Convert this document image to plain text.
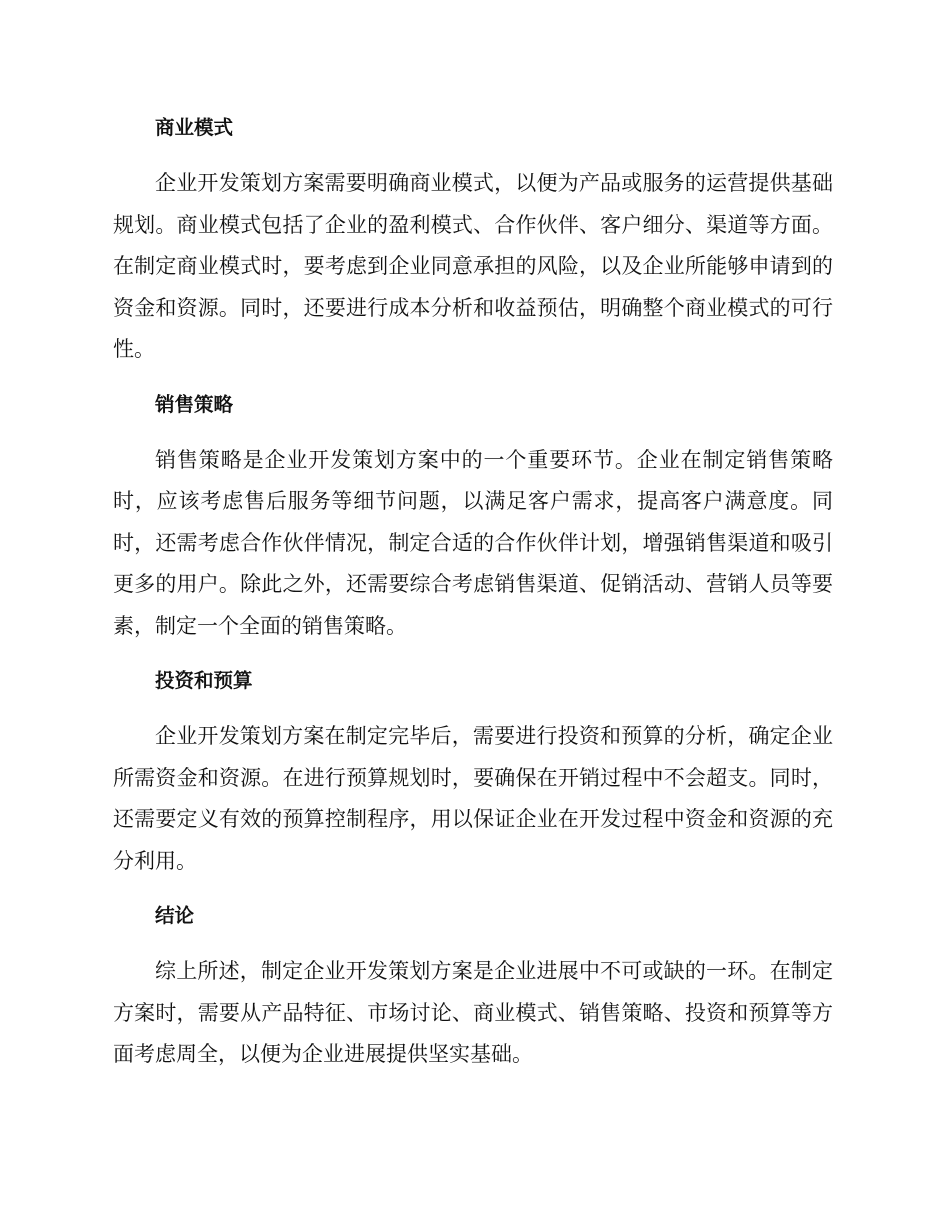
商业模式

企业开发策划方案需要明确商业模式，以便为产品或服务的运营提供基础规划。商业模式包括了企业的盈利模式、合作伙伴、客户细分、渠道等方面。在制定商业模式时，要考虑到企业同意承担的风险，以及企业所能够申请到的资金和资源。同时，还要进行成本分析和收益预估，明确整个商业模式的可行性。

销售策略

销售策略是企业开发策划方案中的一个重要环节。企业在制定销售策略时，应该考虑售后服务等细节问题，以满足客户需求，提高客户满意度。同时，还需考虑合作伙伴情况，制定合适的合作伙伴计划，增强销售渠道和吸引更多的用户。除此之外，还需要综合考虑销售渠道、促销活动、营销人员等要素，制定一个全面的销售策略。

投资和预算

企业开发策划方案在制定完毕后，需要进行投资和预算的分析，确定企业所需资金和资源。在进行预算规划时，要确保在开销过程中不会超支。同时，还需要定义有效的预算控制程序，用以保证企业在开发过程中资金和资源的充分利用。

结论

综上所述，制定企业开发策划方案是企业进展中不可或缺的一环。在制定方案时，需要从产品特征、市场讨论、商业模式、销售策略、投资和预算等方面考虑周全，以便为企业进展提供坚实基础。
